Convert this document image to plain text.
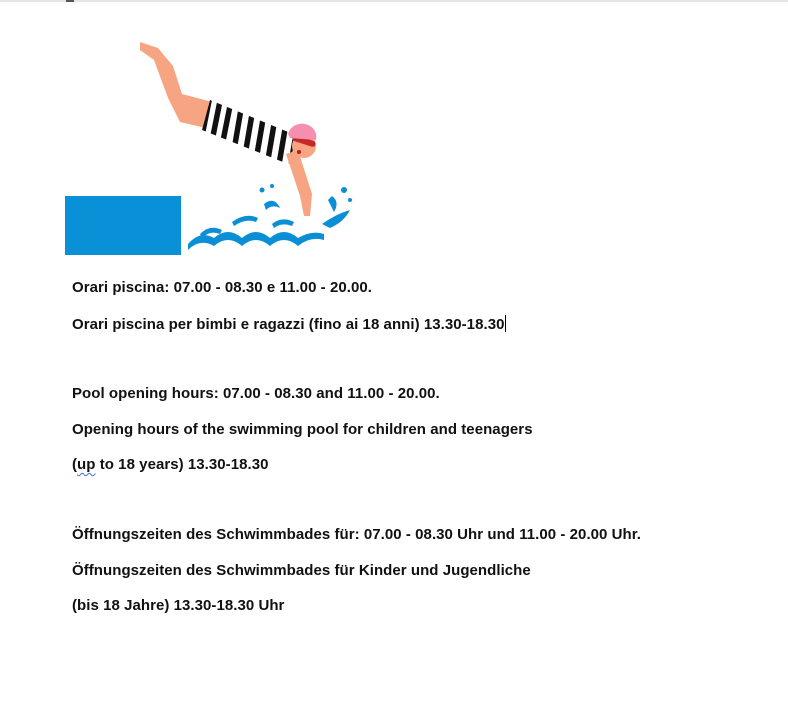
Orari piscina: 07.00 - 08.30 e 11.00 - 20.00.
Orari piscina per bimbi e ragazzi (fino ai 18 anni) 13.30-18.30
Pool opening hours: 07.00 - 08.30 and 11.00 - 20.00.
Opening hours of the swimming pool for children and teenagers
(up to 18 years) 13.30-18.30
Öffnungszeiten des Schwimmbades für: 07.00 - 08.30 Uhr und 11.00 - 20.00 Uhr.
Öffnungszeiten des Schwimmbades für Kinder und Jugendliche
(bis 18 Jahre) 13.30-18.30 Uhr
